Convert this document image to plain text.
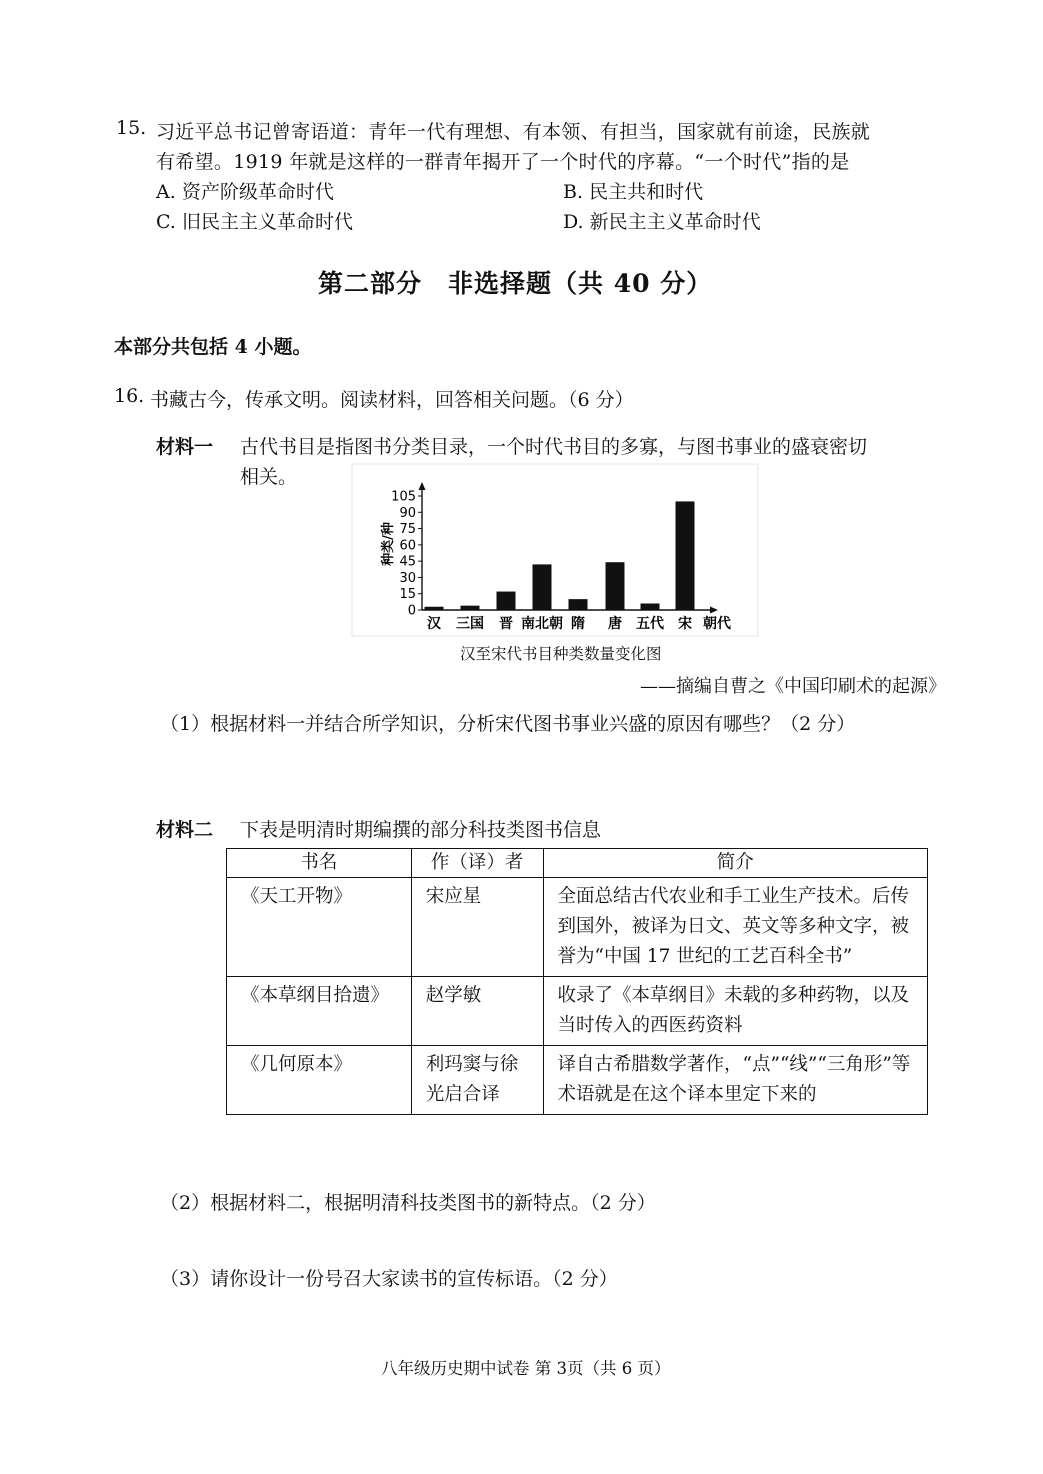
15. 习近平总书记曾寄语道：青年一代有理想、有本领、有担当，国家就有前途，民族就
有希望。1919 年就是这样的一群青年揭开了一个时代的序幕。“一个时代”指的是
A. 资产阶级革命时代	B. 民主共和时代
C. 旧民主主义革命时代	D. 新民主主义革命时代
第二部分　非选择题（共 40 分）
本部分共包括 4 小题。
16. 书藏古今，传承文明。阅读材料，回答相关问题。（6 分）
材料一 古代书目是指图书分类目录，一个时代书目的多寡，与图书事业的盛衰密切
相关。
种类/种
朝代
0
15
30
45
60
75
90
105
汉 三国 晋 南北朝 隋 唐 五代 宋
汉至宋代书目种类数量变化图
——摘编自曹之《中国印刷术的起源》
（1）根据材料一并结合所学知识，分析宋代图书事业兴盛的原因有哪些？（2 分）
材料二 下表是明清时期编撰的部分科技类图书信息
书名	作（译）者	简介
《天工开物》	宋应星	全面总结古代农业和手工业生产技术。后传到国外，被译为日文、英文等多种文字，被誉为“中国 17 世纪的工艺百科全书”
《本草纲目拾遗》	赵学敏	收录了《本草纲目》未载的多种药物，以及当时传入的西医药资料
《几何原本》	利玛窦与徐光启合译	译自古希腊数学著作，“点”“线”“三角形”等术语就是在这个译本里定下来的
（2）根据材料二，根据明清科技类图书的新特点。（2 分）
（3）请你设计一份号召大家读书的宣传标语。（2 分）
八年级历史期中试卷 第 3页（共 6 页）
